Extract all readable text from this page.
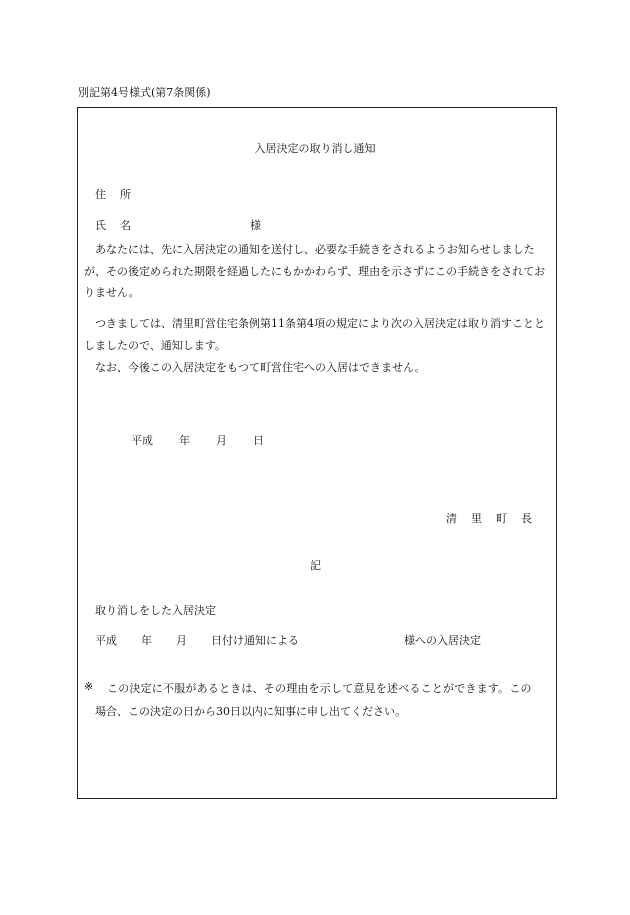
別記第4号様式(第7条関係)
入居決定の取り消し通知
住 所
氏 名	様
あなたには、先に入居決定の通知を送付し、必要な手続きをされるようお知らせしましたが、その後定められた期限を経過したにもかかわらず、理由を示さずにこの手続きをされておりません。
つきましては、清里町営住宅条例第11条第4項の規定により次の入居決定は取り消すこととしましたので、通知します。
なお、今後この入居決定をもつて町営住宅への入居はできません。
平成 年 月 日
清 里 町 長
記
取り消しをした入居決定
平成 年 月 日付け通知による	様への入居決定
※ この決定に不服があるときは、その理由を示して意見を述べることができます。この
場合、この決定の日から30日以内に知事に申し出てください。
